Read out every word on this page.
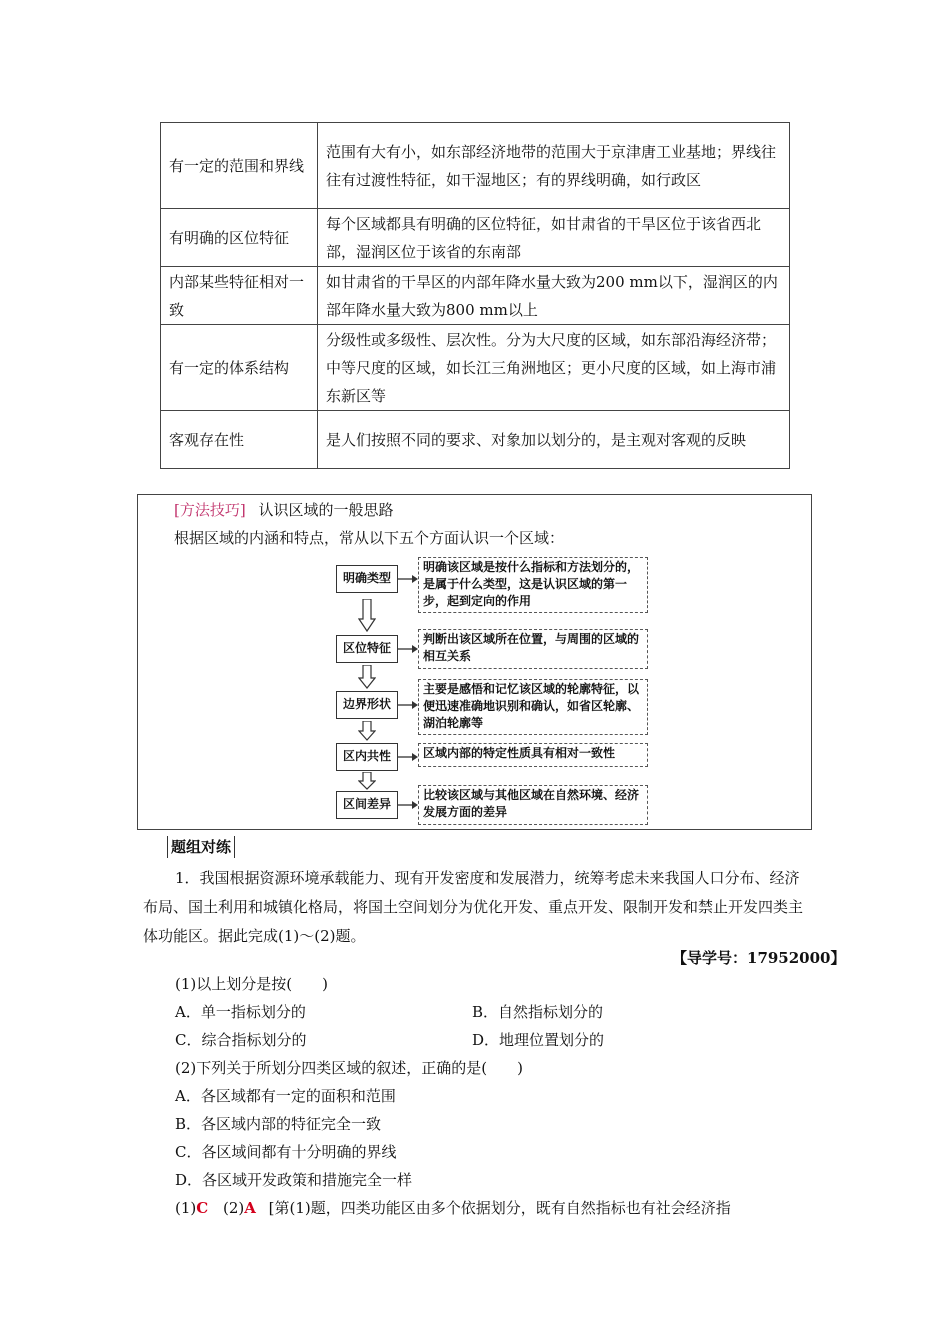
有一定的范围和界线	范围有大有小，如东部经济地带的范围大于京津唐工业基地；界线往往有过渡性特征，如干湿地区；有的界线明确，如行政区
有明确的区位特征	每个区域都具有明确的区位特征，如甘肃省的干旱区位于该省西北部，湿润区位于该省的东南部
内部某些特征相对一致	如甘肃省的干旱区的内部年降水量大致为200 mm以下，湿润区的内部年降水量大致为800 mm以上
有一定的体系结构	分级性或多级性、层次性。分为大尺度的区域，如东部沿海经济带；中等尺度的区域，如长江三角洲地区；更小尺度的区域，如上海市浦东新区等
客观存在性	是人们按照不同的要求、对象加以划分的，是主观对客观的反映
[方法技巧] 认识区域的一般思路
根据区域的内涵和特点，常从以下五个方面认识一个区域：
明确类型
明确该区域是按什么指标和方法划分的，是属于什么类型，这是认识区域的第一步，起到定向的作用
区位特征
判断出该区域所在位置，与周围的区域的相互关系
边界形状
主要是感悟和记忆该区域的轮廓特征，以便迅速准确地识别和确认，如省区轮廓、湖泊轮廓等
区内共性	区域内部的特定性质具有相对一致性
区间差异
比较该区域与其他区域在自然环境、经济发展方面的差异
题组对练
1．我国根据资源环境承载能力、现有开发密度和发展潜力，统筹考虑未来我国人口分布、经济布局、国土利用和城镇化格局，将国土空间划分为优化开发、重点开发、限制开发和禁止开发四类主体功能区。据此完成(1)～(2)题。
【导学号：17952000】
(1)以上划分是按(　　)
A．单一指标划分的	B．自然指标划分的
C．综合指标划分的	D．地理位置划分的
(2)下列关于所划分四类区域的叙述，正确的是(　　)
A．各区域都有一定的面积和范围
B．各区域内部的特征完全一致
C．各区域间都有十分明确的界线
D．各区域开发政策和措施完全一样
(1)C (2)A [第(1)题，四类功能区由多个依据划分，既有自然指标也有社会经济指
